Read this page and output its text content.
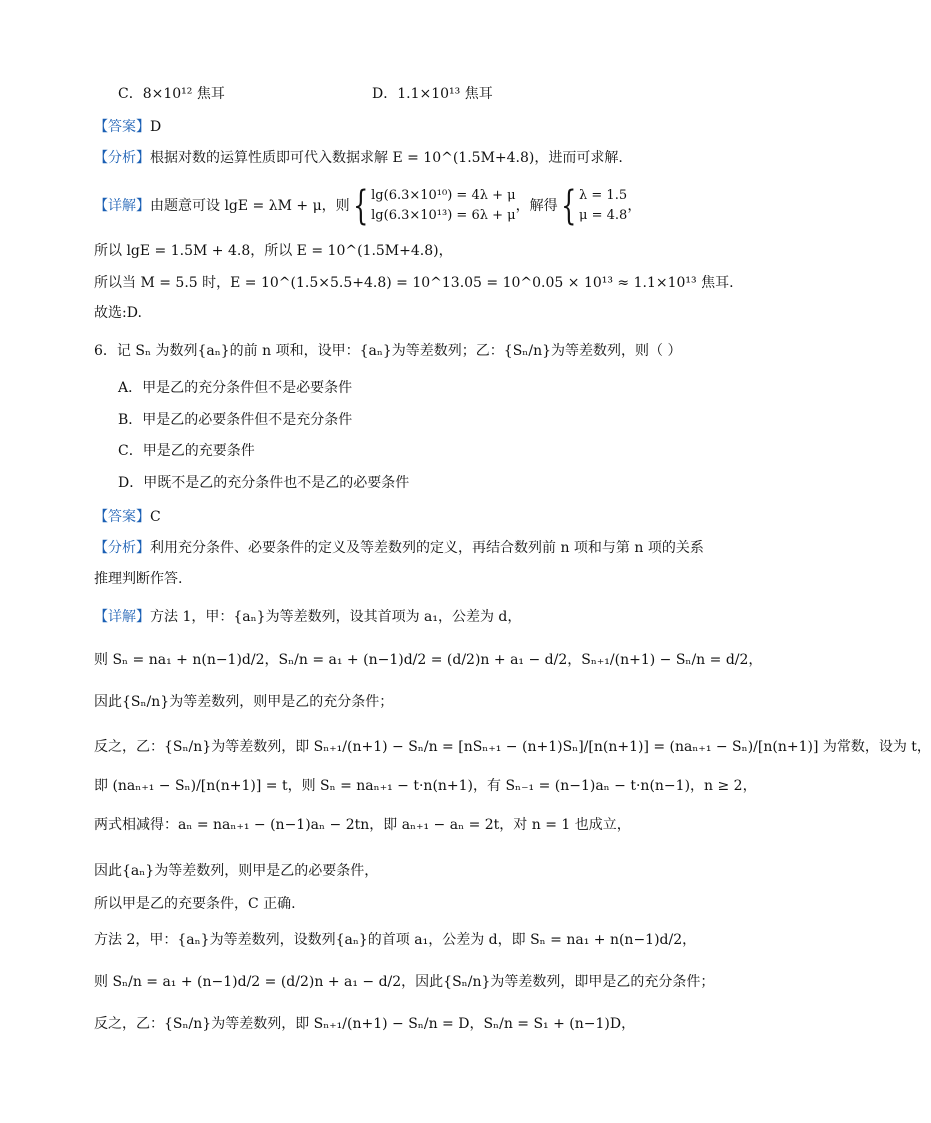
C．8×10¹² 焦耳	D．1.1×10¹³ 焦耳
【答案】D
【分析】根据对数的运算性质即可代入数据求解 E = 10^(1.5M+4.8)，进而可求解.
【详解】由题意可设 lgE = λM + μ，则{ lg(6.3×10¹⁰) = 4λ + μ
lg(6.3×10¹³) = 6λ + μ
，解得{ λ = 1.5
μ = 4.8
，
所以 lgE = 1.5M + 4.8，所以 E = 10^(1.5M+4.8)，
所以当 M = 5.5 时，E = 10^(1.5×5.5+4.8) = 10^13.05 = 10^0.05 × 10¹³ ≈ 1.1×10¹³ 焦耳.
故选:D.
6．记 Sₙ 为数列{aₙ}的前 n 项和，设甲：{aₙ}为等差数列；乙：{Sₙ/n}为等差数列，则（ ）
A．甲是乙的充分条件但不是必要条件
B．甲是乙的必要条件但不是充分条件
C．甲是乙的充要条件
D．甲既不是乙的充分条件也不是乙的必要条件
【答案】C
【分析】利用充分条件、必要条件的定义及等差数列的定义，再结合数列前 n 项和与第 n 项的关系
推理判断作答.
【详解】方法 1，甲：{aₙ}为等差数列，设其首项为 a₁，公差为 d，
则 Sₙ = na₁ + n(n−1)d/2，Sₙ/n = a₁ + (n−1)d/2 = (d/2)n + a₁ − d/2，Sₙ₊₁/(n+1) − Sₙ/n = d/2，
因此{Sₙ/n}为等差数列，则甲是乙的充分条件；
反之，乙：{Sₙ/n}为等差数列，即 Sₙ₊₁/(n+1) − Sₙ/n = [nSₙ₊₁ − (n+1)Sₙ]/[n(n+1)] = (naₙ₊₁ − Sₙ)/[n(n+1)] 为常数，设为 t，
即 (naₙ₊₁ − Sₙ)/[n(n+1)] = t，则 Sₙ = naₙ₊₁ − t·n(n+1)，有 Sₙ₋₁ = (n−1)aₙ − t·n(n−1)，n ≥ 2，
两式相减得：aₙ = naₙ₊₁ − (n−1)aₙ − 2tn，即 aₙ₊₁ − aₙ = 2t，对 n = 1 也成立，
因此{aₙ}为等差数列，则甲是乙的必要条件，
所以甲是乙的充要条件，C 正确.
方法 2，甲：{aₙ}为等差数列，设数列{aₙ}的首项 a₁，公差为 d，即 Sₙ = na₁ + n(n−1)d/2，
则 Sₙ/n = a₁ + (n−1)d/2 = (d/2)n + a₁ − d/2，因此{Sₙ/n}为等差数列，即甲是乙的充分条件；
反之，乙：{Sₙ/n}为等差数列，即 Sₙ₊₁/(n+1) − Sₙ/n = D，Sₙ/n = S₁ + (n−1)D，
